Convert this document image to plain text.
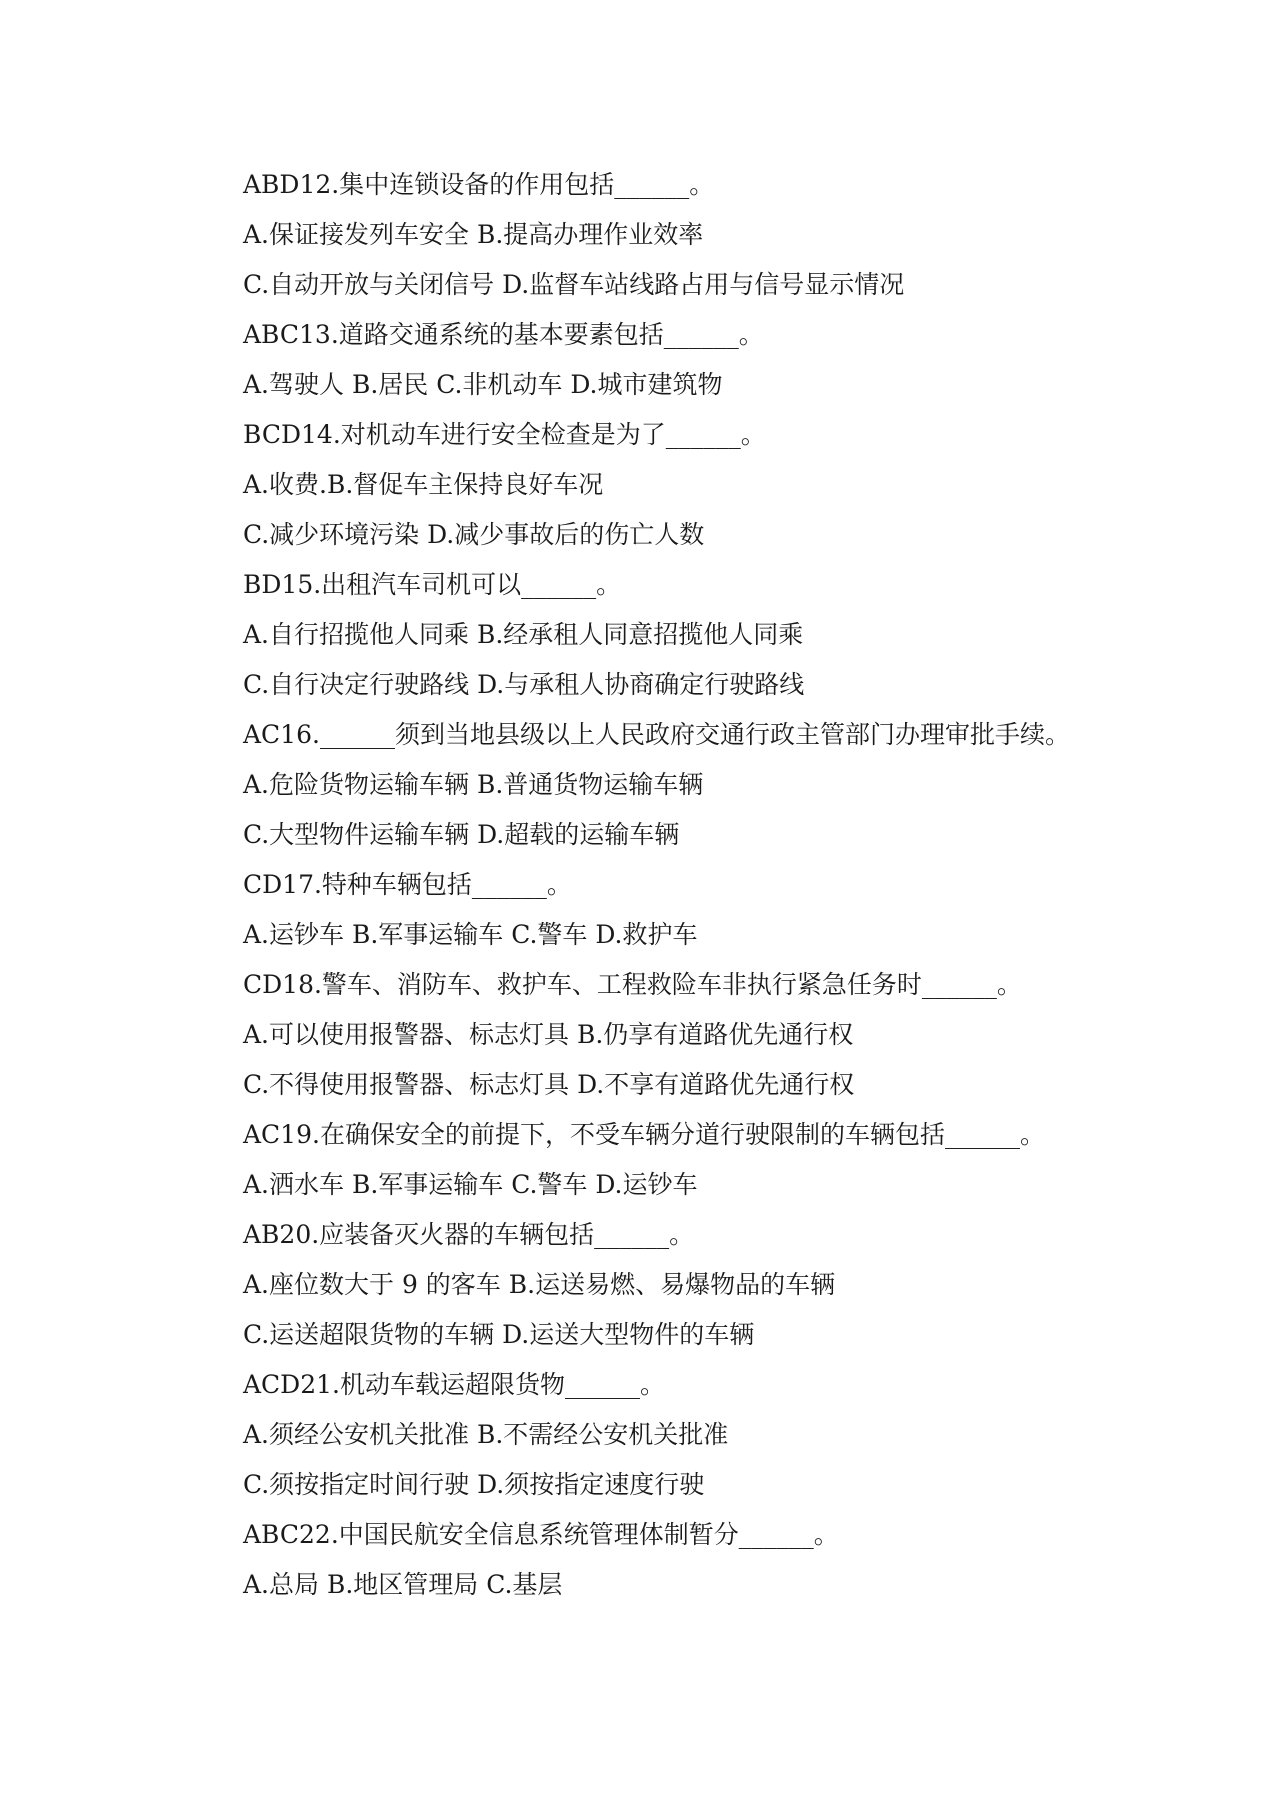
ABD12.集中连锁设备的作用包括______。
A.保证接发列车安全 B.提高办理作业效率
C.自动开放与关闭信号 D.监督车站线路占用与信号显示情况
ABC13.道路交通系统的基本要素包括______。
A.驾驶人 B.居民 C.非机动车 D.城市建筑物
BCD14.对机动车进行安全检查是为了______。
A.收费.B.督促车主保持良好车况
C.减少环境污染 D.减少事故后的伤亡人数
BD15.出租汽车司机可以______。
A.自行招揽他人同乘 B.经承租人同意招揽他人同乘
C.自行决定行驶路线 D.与承租人协商确定行驶路线
AC16.______须到当地县级以上人民政府交通行政主管部门办理审批手续。
A.危险货物运输车辆 B.普通货物运输车辆
C.大型物件运输车辆 D.超载的运输车辆
CD17.特种车辆包括______。
A.运钞车 B.军事运输车 C.警车 D.救护车
CD18.警车、消防车、救护车、工程救险车非执行紧急任务时______。
A.可以使用报警器、标志灯具 B.仍享有道路优先通行权
C.不得使用报警器、标志灯具 D.不享有道路优先通行权
AC19.在确保安全的前提下，不受车辆分道行驶限制的车辆包括______。
A.洒水车 B.军事运输车 C.警车 D.运钞车
AB20.应装备灭火器的车辆包括______。
A.座位数大于 9 的客车 B.运送易燃、易爆物品的车辆
C.运送超限货物的车辆 D.运送大型物件的车辆
ACD21.机动车载运超限货物______。
A.须经公安机关批准 B.不需经公安机关批准
C.须按指定时间行驶 D.须按指定速度行驶
ABC22.中国民航安全信息系统管理体制暂分______。
A.总局 B.地区管理局 C.基层
